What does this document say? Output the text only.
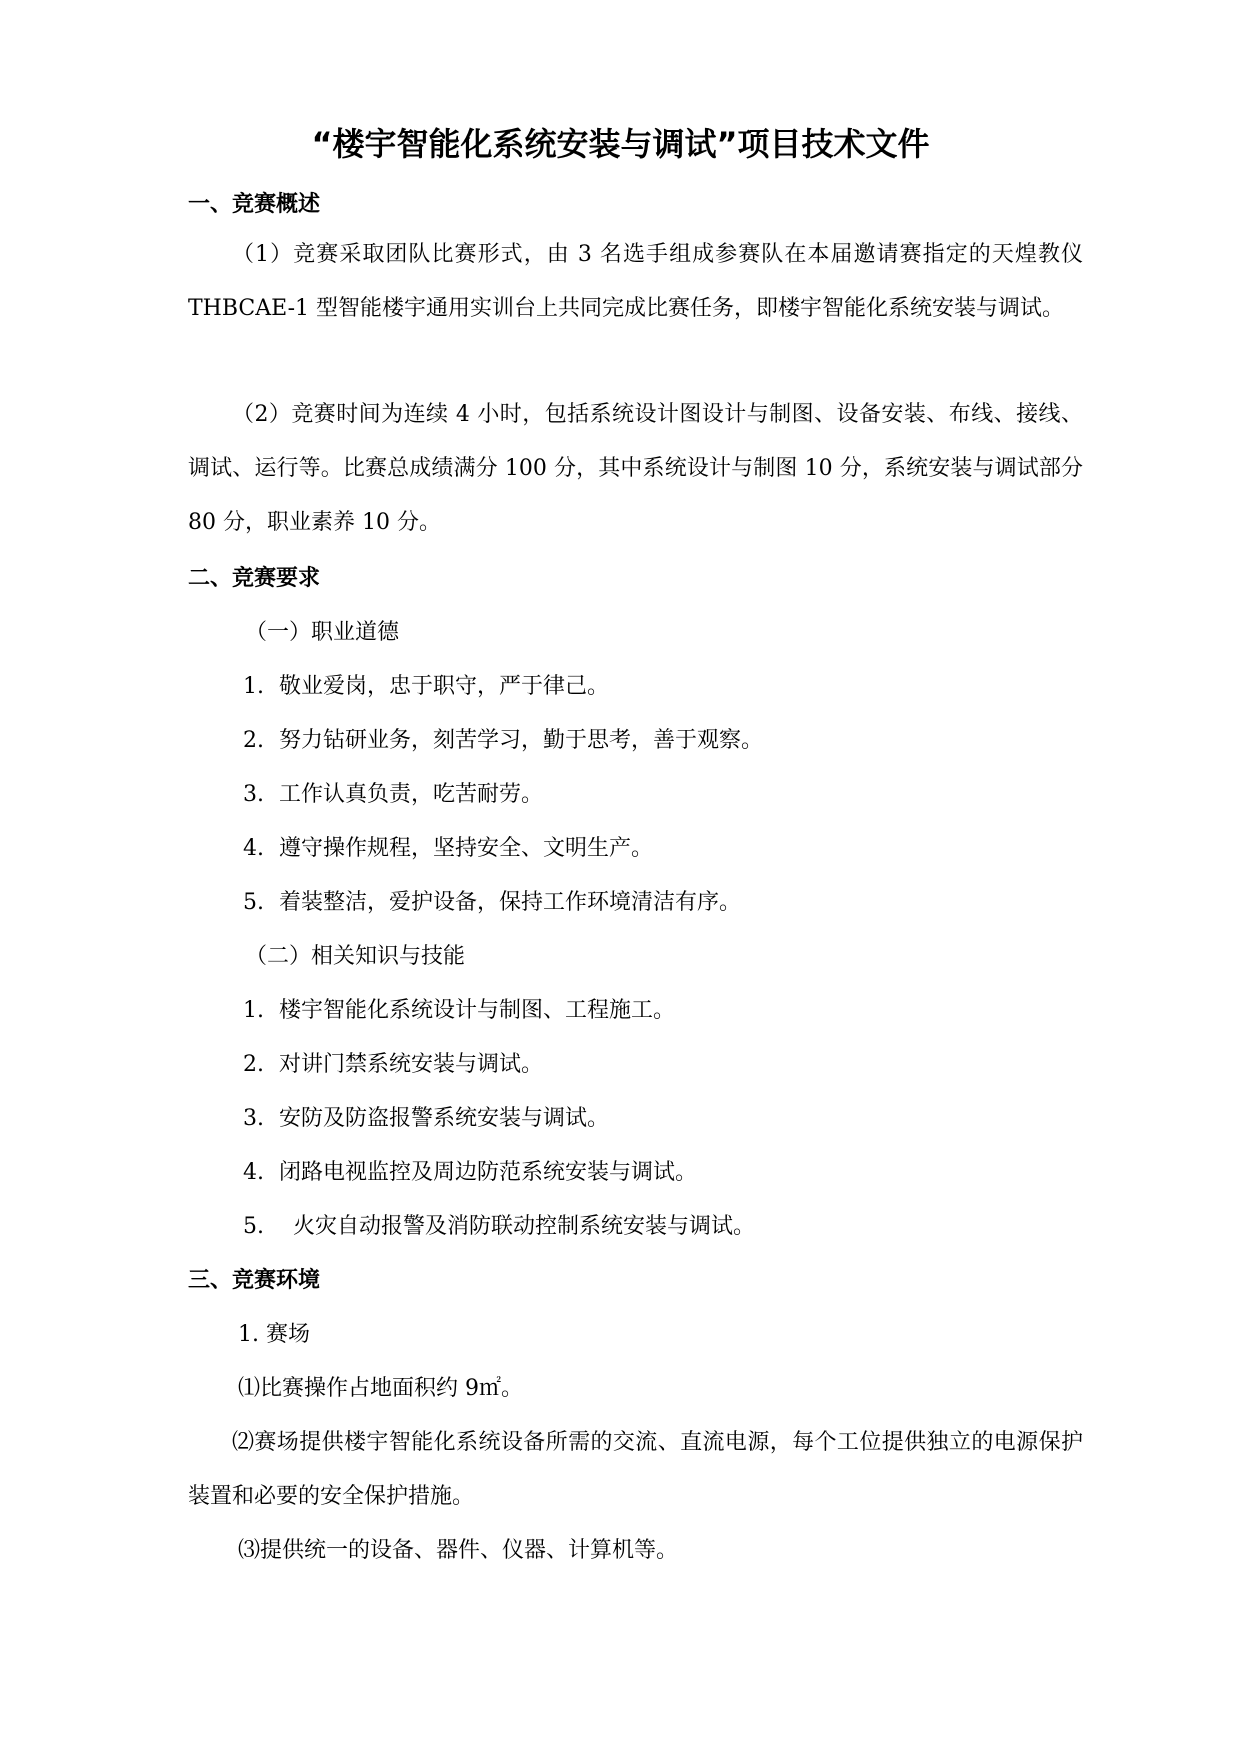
“楼宇智能化系统安装与调试”项目技术文件
一、竞赛概述
（1）竞赛采取团队比赛形式，由 3 名选手组成参赛队在本届邀请赛指定的天煌教仪 THBCAE-1 型智能楼宇通用实训台上共同完成比赛任务，即楼宇智能化系统安装与调试。
（2）竞赛时间为连续 4 小时，包括系统设计图设计与制图、设备安装、布线、接线、调试、运行等。比赛总成绩满分 100 分，其中系统设计与制图 10 分，系统安装与调试部分 80 分，职业素养 10 分。
二、竞赛要求
（一）职业道德
1. 敬业爱岗，忠于职守，严于律己。
2. 努力钻研业务，刻苦学习，勤于思考，善于观察。
3. 工作认真负责，吃苦耐劳。
4. 遵守操作规程，坚持安全、文明生产。
5. 着装整洁，爱护设备，保持工作环境清洁有序。
（二）相关知识与技能
1. 楼宇智能化系统设计与制图、工程施工。
2. 对讲门禁系统安装与调试。
3. 安防及防盗报警系统安装与调试。
4. 闭路电视监控及周边防范系统安装与调试。
5. 火灾自动报警及消防联动控制系统安装与调试。
三、竞赛环境
1. 赛场
⑴比赛操作占地面积约 9㎡。
⑵赛场提供楼宇智能化系统设备所需的交流、直流电源，每个工位提供独立的电源保护装置和必要的安全保护措施。
⑶提供统一的设备、器件、仪器、计算机等。
